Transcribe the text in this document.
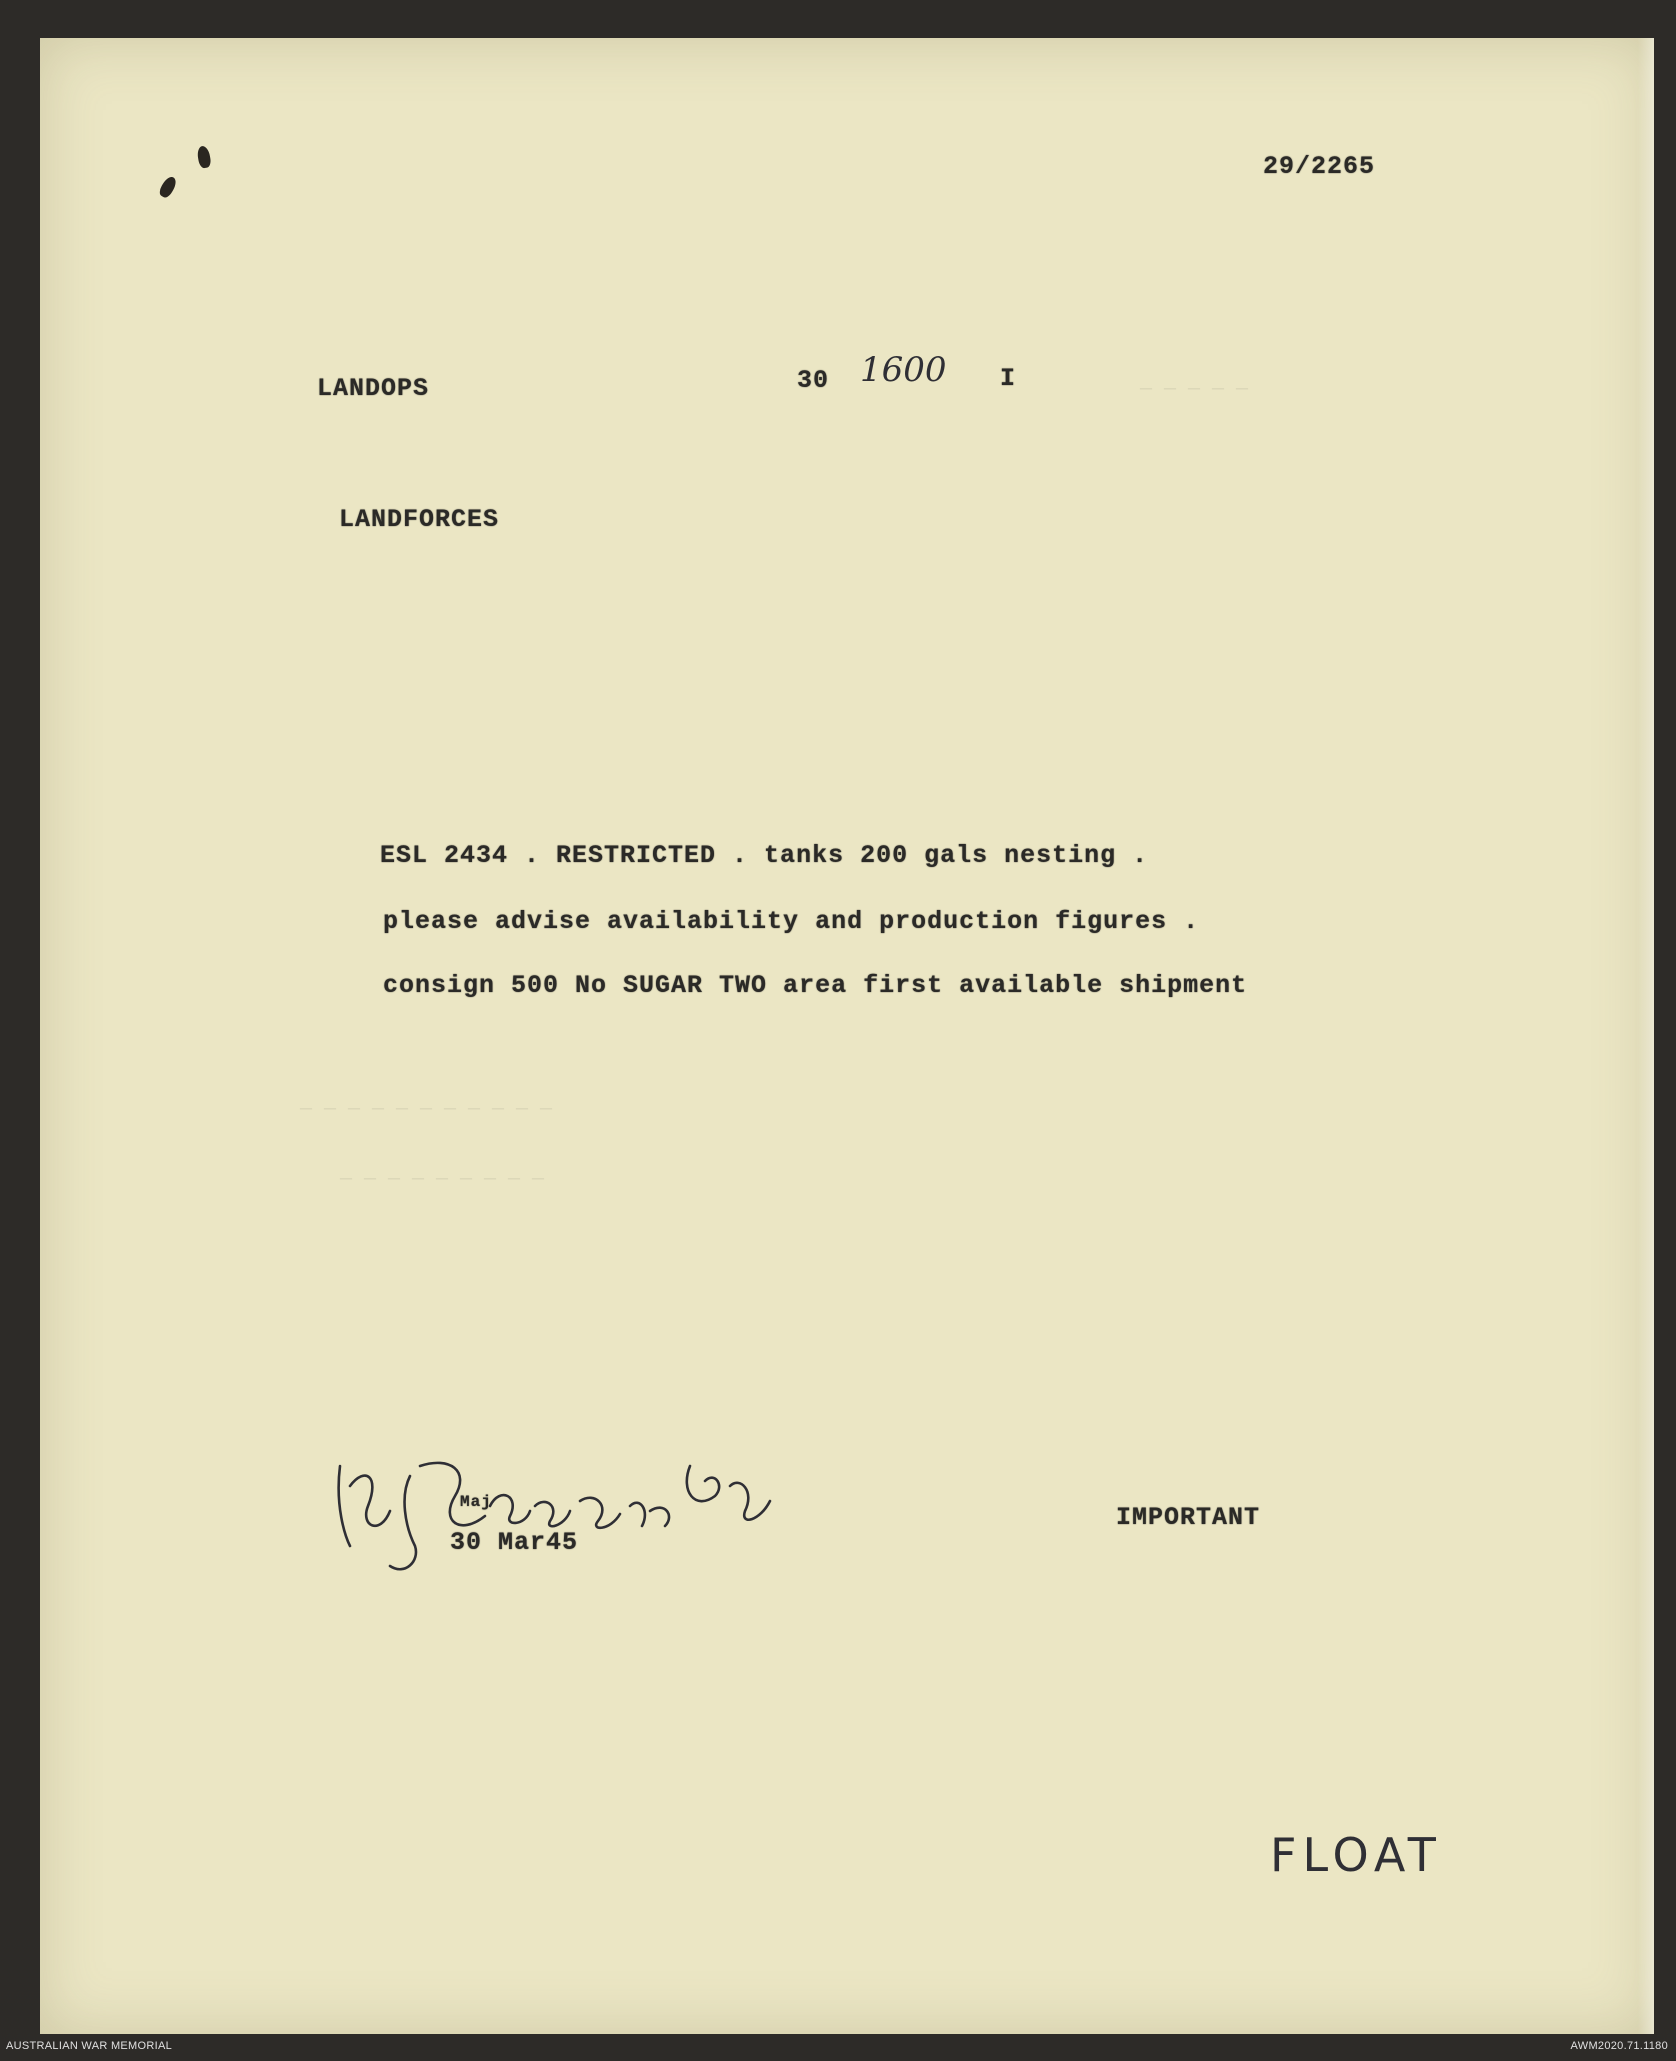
— — — — —
— — — — — — — — — — —
— — — — — — — — —
29/2265
LANDOPS	30 1600 I
LANDFORCES
ESL 2434 . RESTRICTED . tanks 200 gals nesting .
please advise availability and production figures .
consign 500 No SUGAR TWO area first available shipment
Maj
30 Mar45
IMPORTANT
FLOAT
AUSTRALIAN WAR MEMORIAL	AWM2020.71.1180
